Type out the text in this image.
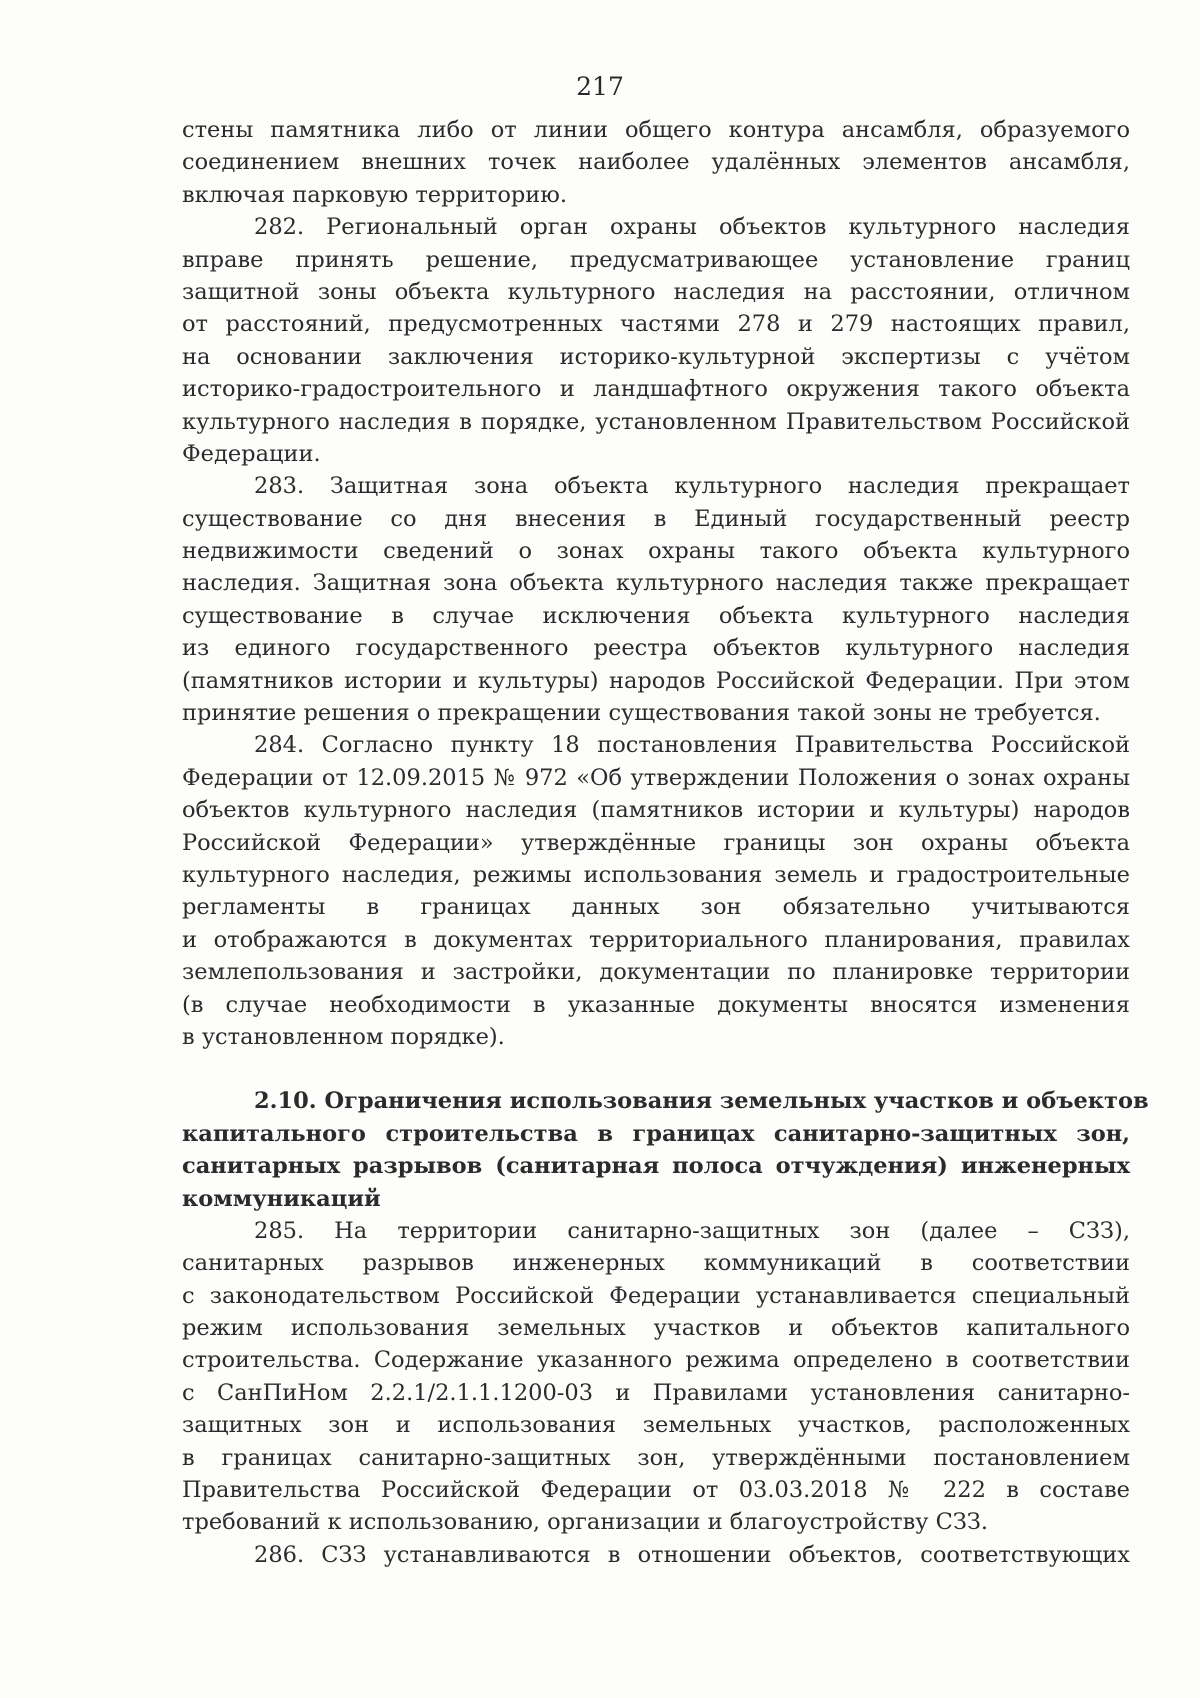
217
стены памятника либо от линии общего контура ансамбля, образуемого
соединением внешних точек наиболее удалённых элементов ансамбля,
включая парковую территорию.
282. Региональный орган охраны объектов культурного наследия
вправе принять решение, предусматривающее установление границ
защитной зоны объекта культурного наследия на расстоянии, отличном
от расстояний, предусмотренных частями 278 и 279 настоящих правил,
на основании заключения историко-культурной экспертизы с учётом
историко-градостроительного и ландшафтного окружения такого объекта
культурного наследия в порядке, установленном Правительством Российской
Федерации.
283. Защитная зона объекта культурного наследия прекращает
существование со дня внесения в Единый государственный реестр
недвижимости сведений о зонах охраны такого объекта культурного
наследия. Защитная зона объекта культурного наследия также прекращает
существование в случае исключения объекта культурного наследия
из единого государственного реестра объектов культурного наследия
(памятников истории и культуры) народов Российской Федерации. При этом
принятие решения о прекращении существования такой зоны не требуется.
284. Согласно пункту 18 постановления Правительства Российской
Федерации от 12.09.2015 № 972 «Об утверждении Положения о зонах охраны
объектов культурного наследия (памятников истории и культуры) народов
Российской Федерации» утверждённые границы зон охраны объекта
культурного наследия, режимы использования земель и градостроительные
регламенты в границах данных зон обязательно учитываются
и отображаются в документах территориального планирования, правилах
землепользования и застройки, документации по планировке территории
(в случае необходимости в указанные документы вносятся изменения
в установленном порядке).
2.10. Ограничения использования земельных участков и объектов
капитального строительства в границах санитарно-защитных зон,
санитарных разрывов (санитарная полоса отчуждения) инженерных
коммуникаций
285. На территории санитарно-защитных зон (далее – СЗЗ),
санитарных разрывов инженерных коммуникаций в соответствии
с законодательством Российской Федерации устанавливается специальный
режим использования земельных участков и объектов капитального
строительства. Содержание указанного режима определено в соответствии
с СанПиНом 2.2.1/2.1.1.1200-03 и Правилами установления санитарно-
защитных зон и использования земельных участков, расположенных
в границах санитарно-защитных зон, утверждёнными постановлением
Правительства Российской Федерации от 03.03.2018 № 222 в составе
требований к использованию, организации и благоустройству СЗЗ.
286. СЗЗ устанавливаются в отношении объектов, соответствующих
